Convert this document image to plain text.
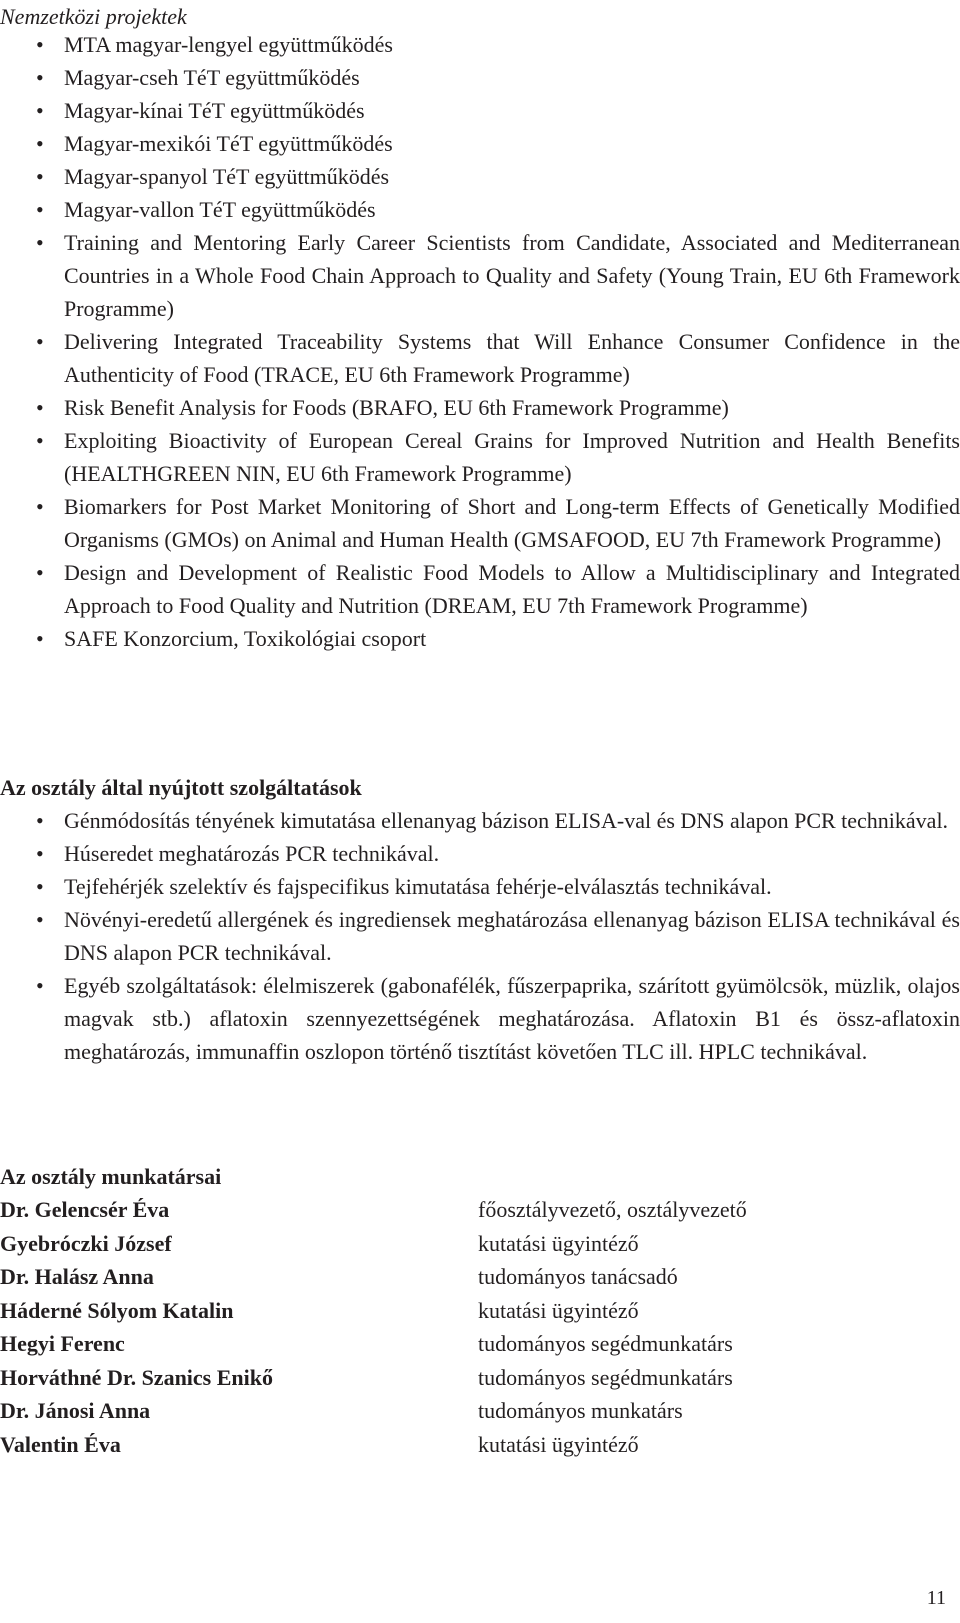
Nemzetközi projektek
• MTA magyar-lengyel együttműködés
• Magyar-cseh TéT együttműködés
• Magyar-kínai TéT együttműködés
• Magyar-mexikói TéT együttműködés
• Magyar-spanyol TéT együttműködés
• Magyar-vallon TéT együttműködés
• Training and Mentoring Early Career Scientists from Candidate, Associated and Mediterranean Countries in a Whole Food Chain Approach to Quality and Safety (Young Train, EU 6th Framework Programme)
• Delivering Integrated Traceability Systems that Will Enhance Consumer Confidence in the Authenticity of Food (TRACE, EU 6th Framework Programme)
• Risk Benefit Analysis for Foods (BRAFO, EU 6th Framework Programme)
• Exploiting Bioactivity of European Cereal Grains for Improved Nutrition and Health Benefits (HEALTHGREEN NIN, EU 6th Framework Programme)
• Biomarkers for Post Market Monitoring of Short and Long-term Effects of Genetically Modified Organisms (GMOs) on Animal and Human Health (GMSAFOOD, EU 7th Framework Programme)
• Design and Development of Realistic Food Models to Allow a Multidisciplinary and Integrated Approach to Food Quality and Nutrition (DREAM, EU 7th Framework Programme)
• SAFE Konzorcium, Toxikológiai csoport
Az osztály által nyújtott szolgáltatások
• Génmódosítás tényének kimutatása ellenanyag bázison ELISA-val és DNS alapon PCR technikával.
• Húseredet meghatározás PCR technikával.
• Tejfehérjék szelektív és fajspecifikus kimutatása fehérje-elválasztás technikával.
• Növényi-eredetű allergének és ingrediensek meghatározása ellenanyag bázison ELISA technikával és DNS alapon PCR technikával.
• Egyéb szolgáltatások: élelmiszerek (gabonafélék, fűszerpaprika, szárított gyümölcsök, müzlik, olajos magvak stb.) aflatoxin szennyezettségének meghatározása. Aflatoxin B1 és össz-aflatoxin meghatározás, immunaffin oszlopon történő tisztítást követően TLC ill. HPLC technikával.
Az osztály munkatársai
Dr. Gelencsér Éva	főosztályvezető, osztályvezető
Gyebróczki József	kutatási ügyintéző
Dr. Halász Anna	tudományos tanácsadó
Háderné Sólyom Katalin	kutatási ügyintéző
Hegyi Ferenc	tudományos segédmunkatárs
Horváthné Dr. Szanics Enikő	tudományos segédmunkatárs
Dr. Jánosi Anna	tudományos munkatárs
Valentin Éva	kutatási ügyintéző
11
